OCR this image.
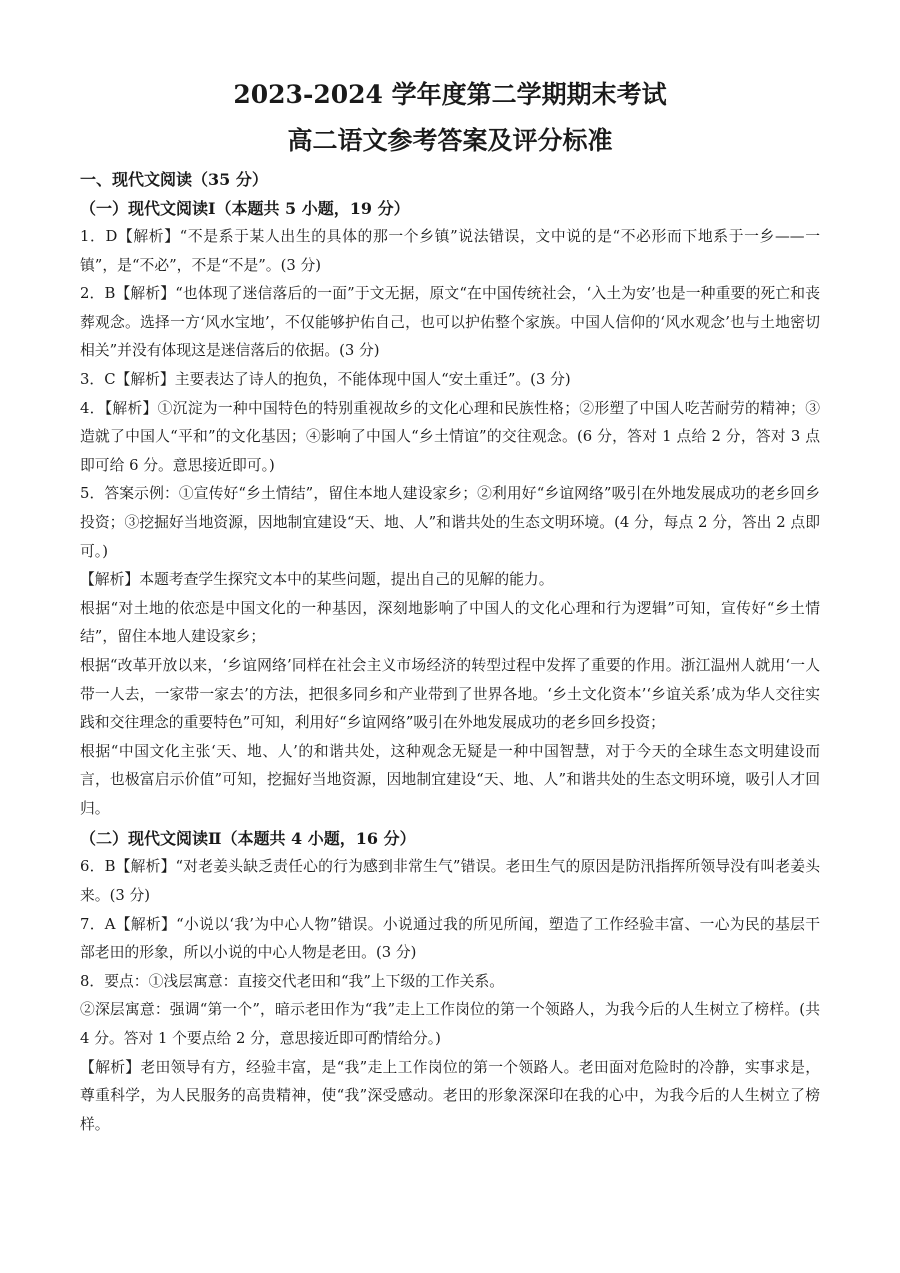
2023-2024 学年度第二学期期末考试
高二语文参考答案及评分标准
一、现代文阅读（35 分）
（一）现代文阅读Ⅰ（本题共 5 小题，19 分）

1．D【解析】“不是系于某人出生的具体的那一个乡镇”说法错误，文中说的是“不必形而下地系于一乡——一镇”，是“不必”，不是“不是”。(3 分)

2．B【解析】“也体现了迷信落后的一面”于文无据，原文“在中国传统社会，‘入土为安’也是一种重要的死亡和丧葬观念。选择一方‘风水宝地’，不仅能够护佑自己，也可以护佑整个家族。中国人信仰的‘风水观念’也与土地密切相关”并没有体现这是迷信落后的依据。(3 分)

3．C【解析】主要表达了诗人的抱负，不能体现中国人“安土重迁”。(3 分)

4．【解析】①沉淀为一种中国特色的特别重视故乡的文化心理和民族性格；②形塑了中国人吃苦耐劳的精神；③造就了中国人“平和”的文化基因；④影响了中国人“乡土情谊”的交往观念。(6 分，答对 1 点给 2 分，答对 3 点即可给 6 分。意思接近即可。)

5．答案示例：①宣传好“乡土情结”，留住本地人建设家乡；②利用好“乡谊网络”吸引在外地发展成功的老乡回乡投资；③挖掘好当地资源，因地制宜建设“天、地、人”和谐共处的生态文明环境。(4 分，每点 2 分，答出 2 点即可。)

【解析】本题考查学生探究文本中的某些问题，提出自己的见解的能力。

根据“对土地的依恋是中国文化的一种基因，深刻地影响了中国人的文化心理和行为逻辑”可知，宣传好“乡土情结”，留住本地人建设家乡；

根据“改革开放以来，‘乡谊网络’同样在社会主义市场经济的转型过程中发挥了重要的作用。浙江温州人就用‘一人带一人去，一家带一家去’的方法，把很多同乡和产业带到了世界各地。‘乡土文化资本’‘乡谊关系’成为华人交往实践和交往理念的重要特色”可知，利用好“乡谊网络”吸引在外地发展成功的老乡回乡投资；

根据“中国文化主张‘天、地、人’的和谐共处，这种观念无疑是一种中国智慧，对于今天的全球生态文明建设而言，也极富启示价值”可知，挖掘好当地资源，因地制宜建设“天、地、人”和谐共处的生态文明环境，吸引人才回归。

（二）现代文阅读Ⅱ（本题共 4 小题，16 分）

6．B【解析】“对老姜头缺乏责任心的行为感到非常生气”错误。老田生气的原因是防汛指挥所领导没有叫老姜头来。(3 分)

7．A【解析】“小说以‘我’为中心人物”错误。小说通过我的所见所闻，塑造了工作经验丰富、一心为民的基层干部老田的形象，所以小说的中心人物是老田。(3 分)

8．要点：①浅层寓意：直接交代老田和“我”上下级的工作关系。

②深层寓意：强调“第一个”，暗示老田作为“我”走上工作岗位的第一个领路人，为我今后的人生树立了榜样。(共 4 分。答对 1 个要点给 2 分，意思接近即可酌情给分。)

【解析】老田领导有方，经验丰富，是“我”走上工作岗位的第一个领路人。老田面对危险时的冷静，实事求是，尊重科学，为人民服务的高贵精神，使“我”深受感动。老田的形象深深印在我的心中，为我今后的人生树立了榜样。
